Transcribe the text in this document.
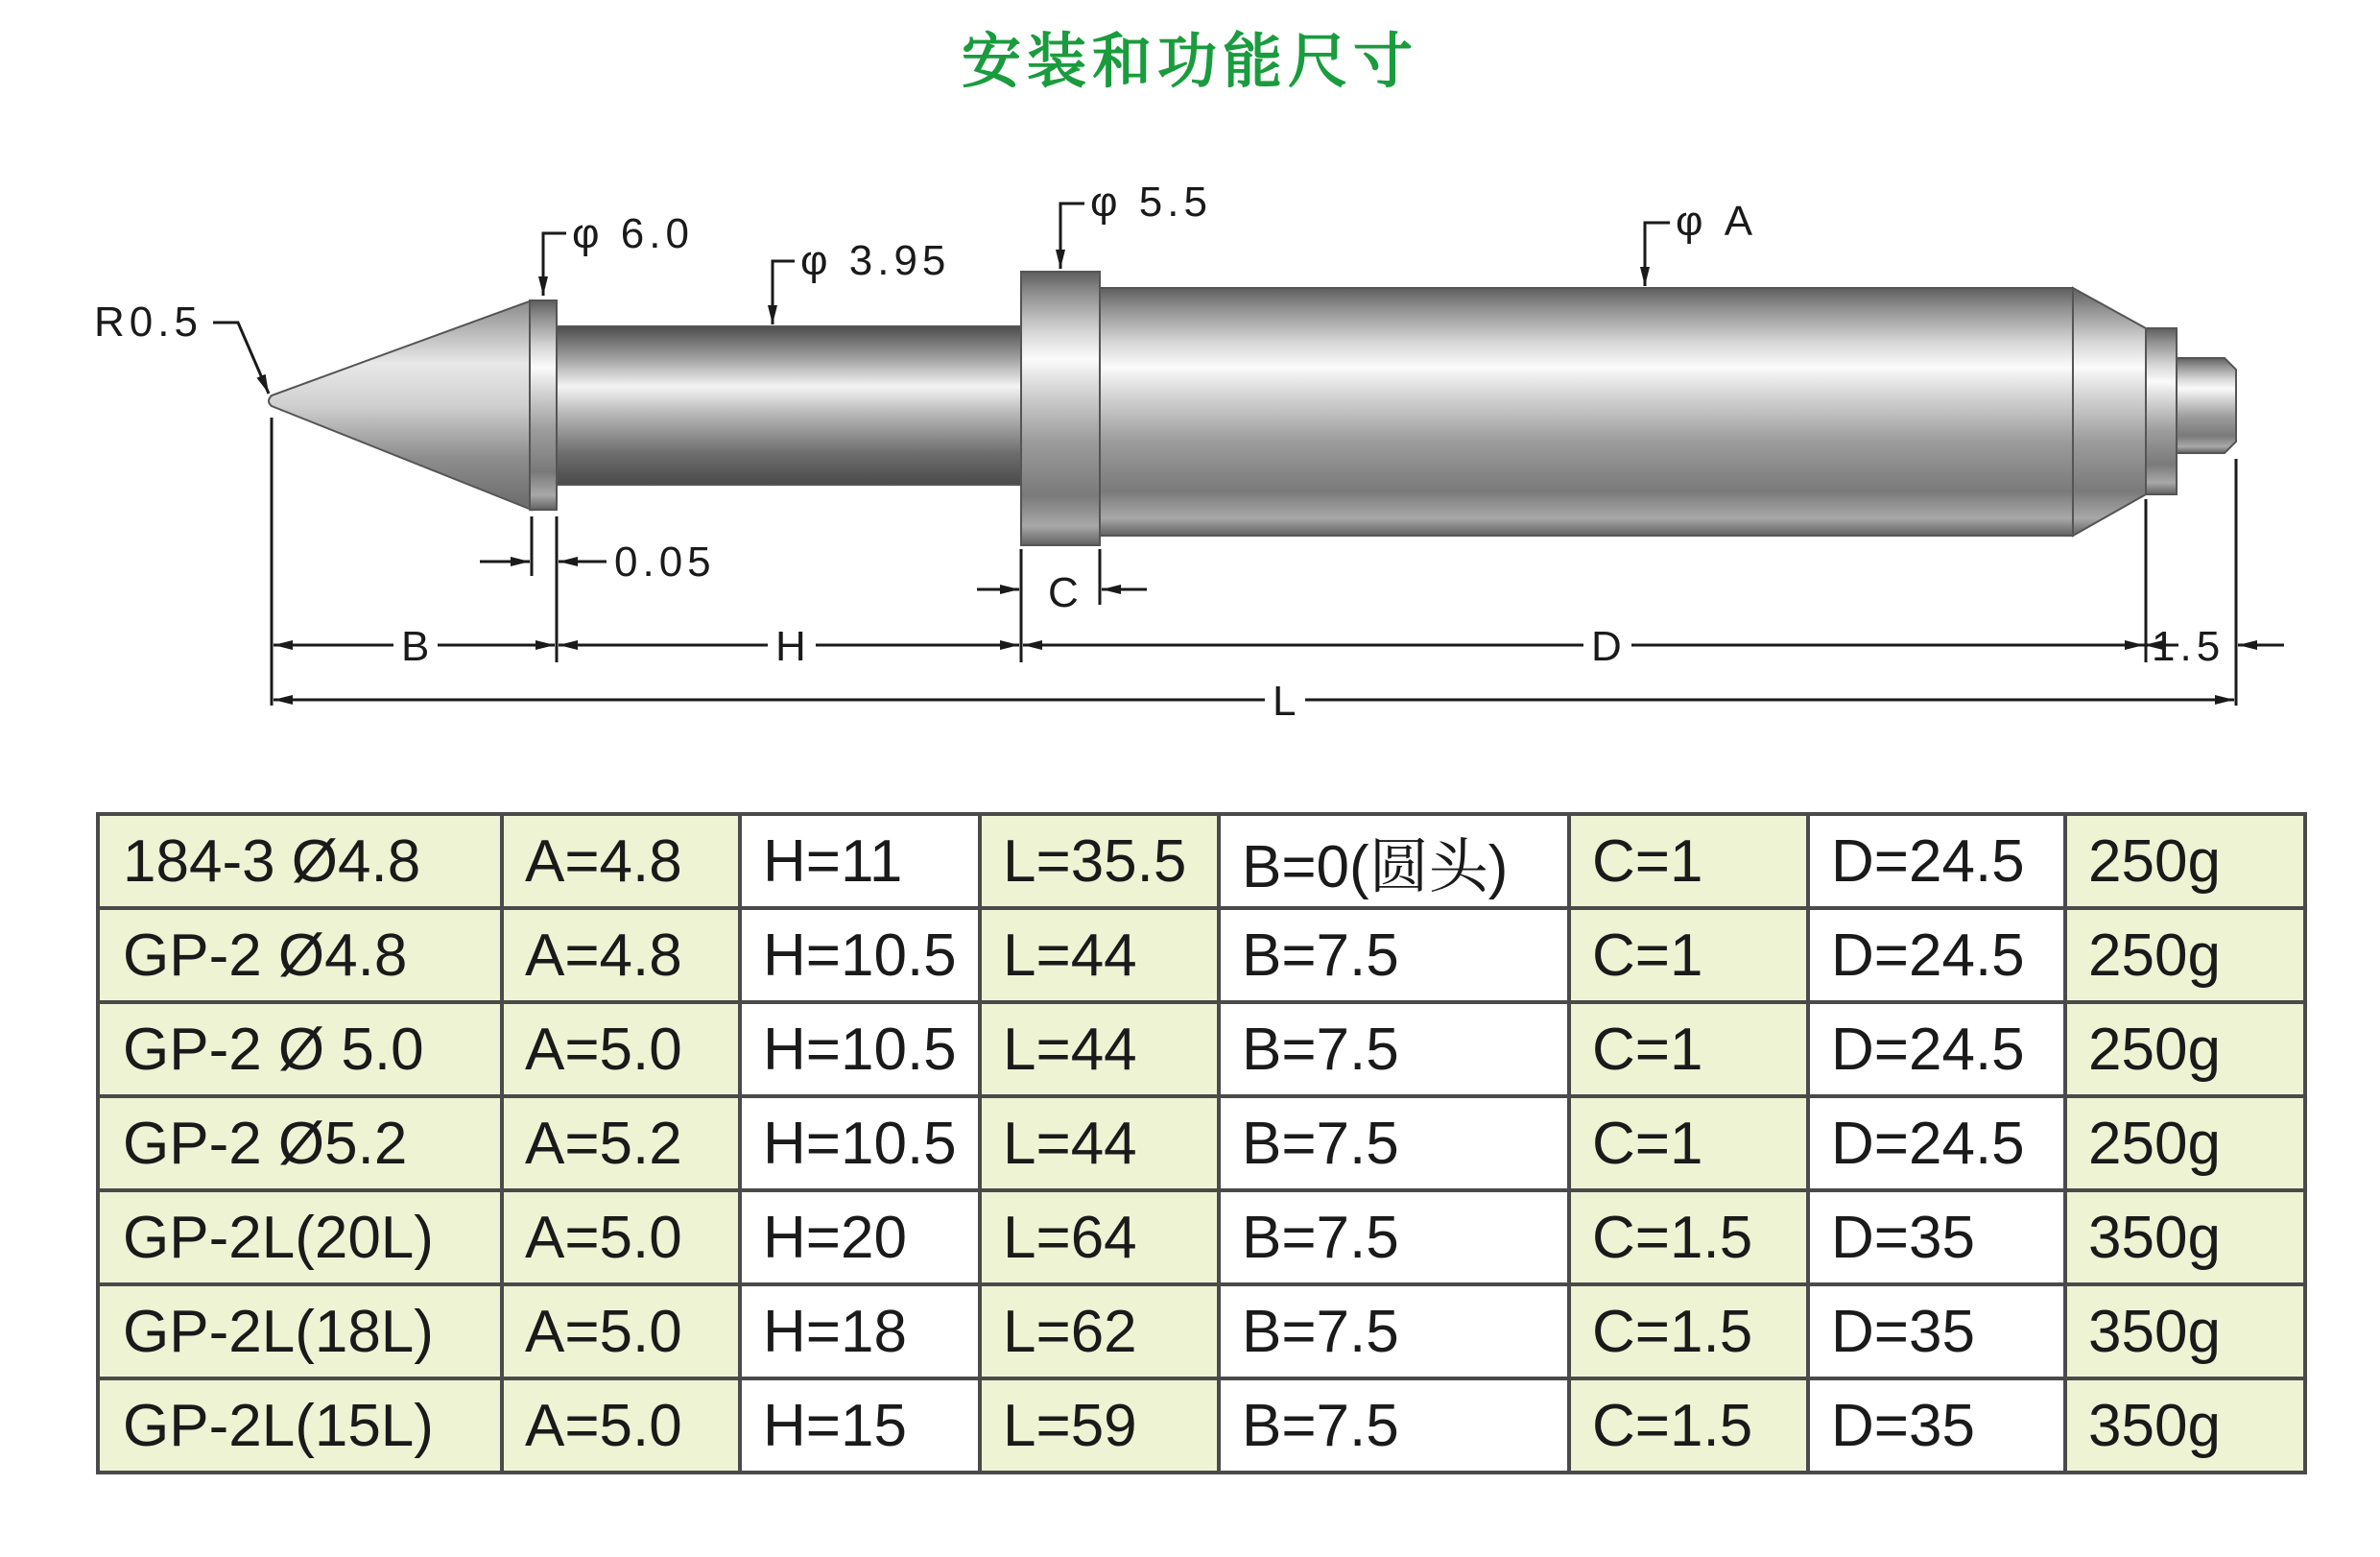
安装和功能尺寸
R0.5
φ 6.0
φ 3.95
φ 5.5	φ A
0.05
C
B	H	D	1.5
L
184-3 Ø4.8	A=4.8	H=11	L=35.5	B=0(圆头)	C=1	D=24.5	250g
GP-2 Ø4.8	A=4.8	H=10.5	L=44	B=7.5	C=1	D=24.5	250g
GP-2 Ø 5.0	A=5.0	H=10.5	L=44	B=7.5	C=1	D=24.5	250g
GP-2 Ø5.2	A=5.2	H=10.5	L=44	B=7.5	C=1	D=24.5	250g
GP-2L(20L)	A=5.0	H=20	L=64	B=7.5	C=1.5	D=35	350g
GP-2L(18L)	A=5.0	H=18	L=62	B=7.5	C=1.5	D=35	350g
GP-2L(15L)	A=5.0	H=15	L=59	B=7.5	C=1.5	D=35	350g
